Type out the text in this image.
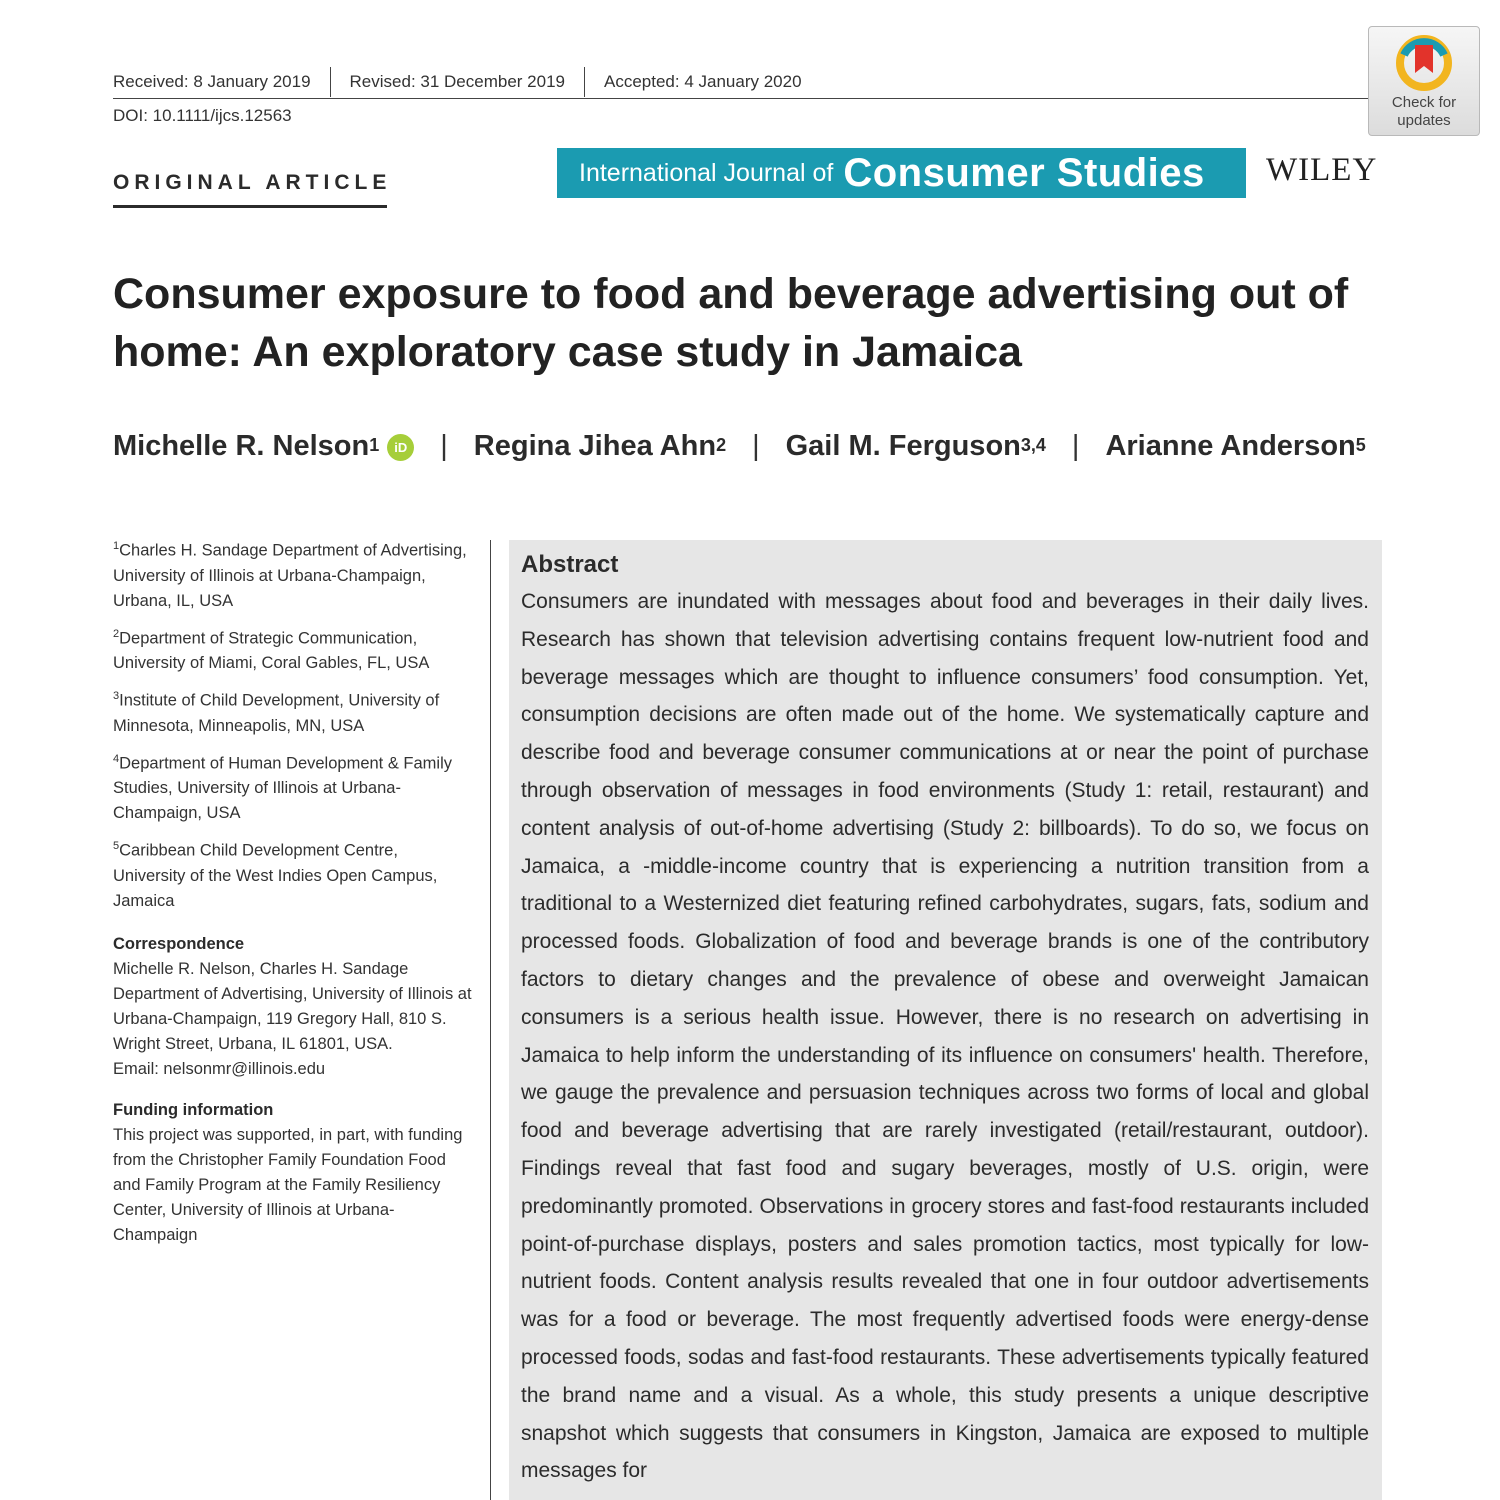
Received: 8 January 2019	Revised: 31 December 2019	Accepted: 4 January 2020
DOI: 10.1111/ijcs.12563
Check for
updates
ORIGINAL ARTICLE	International Journal of Consumer Studies WILEY
Consumer exposure to food and beverage advertising out of home: An exploratory case study in Jamaica
Michelle R. Nelson$^1$	iD	| Regina Jihea Ahn$^2$ | Gail M. Ferguson$^{3,4}$ | Arianne Anderson$^5$
$^1$Charles H. Sandage Department of Advertising, University of Illinois at Urbana-Champaign, Urbana, IL, USA
$^2$Department of Strategic Communication, University of Miami, Coral Gables, FL, USA
$^3$Institute of Child Development, University of Minnesota, Minneapolis, MN, USA
$^4$Department of Human Development & Family Studies, University of Illinois at Urbana-Champaign, USA
$^5$Caribbean Child Development Centre, University of the West Indies Open Campus, Jamaica
Correspondence
Michelle R. Nelson, Charles H. Sandage Department of Advertising, University of Illinois at Urbana-Champaign, 119 Gregory Hall, 810 S. Wright Street, Urbana, IL 61801, USA.
Email: nelsonmr@illinois.edu
Funding information
This project was supported, in part, with funding from the Christopher Family Foundation Food and Family Program at the Family Resiliency Center, University of Illinois at Urbana-Champaign
Abstract
Consumers are inundated with messages about food and beverages in their daily lives. Research has shown that television advertising contains frequent low-nutrient food and beverage messages which are thought to influence consumers’ food consumption. Yet, consumption decisions are often made out of the home. We systematically capture and describe food and beverage consumer communications at or near the point of purchase through observation of messages in food environments (Study 1: retail, restaurant) and content analysis of out-of-home advertising (Study 2: billboards). To do so, we focus on Jamaica, a -middle-income country that is experiencing a nutrition transition from a traditional to a Westernized diet featuring refined carbohydrates, sugars, fats, sodium and processed foods. Globalization of food and beverage brands is one of the contributory factors to dietary changes and the prevalence of obese and overweight Jamaican consumers is a serious health issue. However, there is no research on advertising in Jamaica to help inform the understanding of its influence on consumers' health. Therefore, we gauge the prevalence and persuasion techniques across two forms of local and global food and beverage advertising that are rarely investigated (retail/restaurant, outdoor). Findings reveal that fast food and sugary beverages, mostly of U.S. origin, were predominantly promoted. Observations in grocery stores and fast-food restaurants included point-of-purchase displays, posters and sales promotion tactics, most typically for low-nutrient foods. Content analysis results revealed that one in four outdoor advertisements was for a food or beverage. The most frequently advertised foods were energy-dense processed foods, sodas and fast-food restaurants. These advertisements typically featured the brand name and a visual. As a whole, this study presents a unique descriptive snapshot which suggests that consumers in Kingston, Jamaica are exposed to multiple messages for
